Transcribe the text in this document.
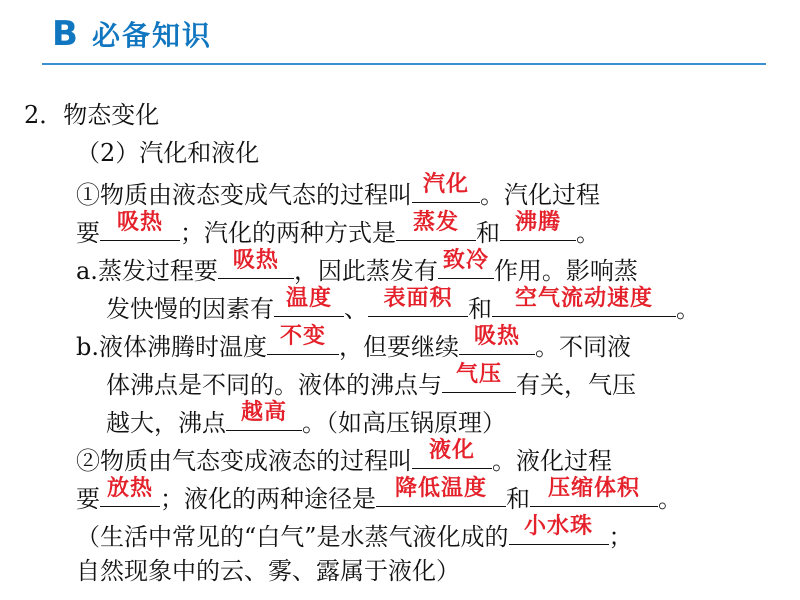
B 必备知识
2．物态变化
（2）汽化和液化
①物质由液态变成气态的过程叫 汽化 。汽化过程
要 吸热 ；汽化的两种方式是 蒸发 和 沸腾 。
a.蒸发过程要 吸热 ，因此蒸发有 致冷 作用。影响蒸
发快慢的因素有 温度 、 表面积 和	空气流动速度 。
b.液体沸腾时温度 不变 ，但要继续 吸热 。不同液
体沸点是不同的。液体的沸点与 气压 有关，气压
越大，沸点 越高 。（如高压锅原理）
②物质由气态变成液态的过程叫 液化 。液化过程
要 放热 ；液化的两种途径是 降低温度 和 压缩体积 。
（生活中常见的“白气”是水蒸气液化成的 小水珠 ；
自然现象中的云、雾、露属于液化）
